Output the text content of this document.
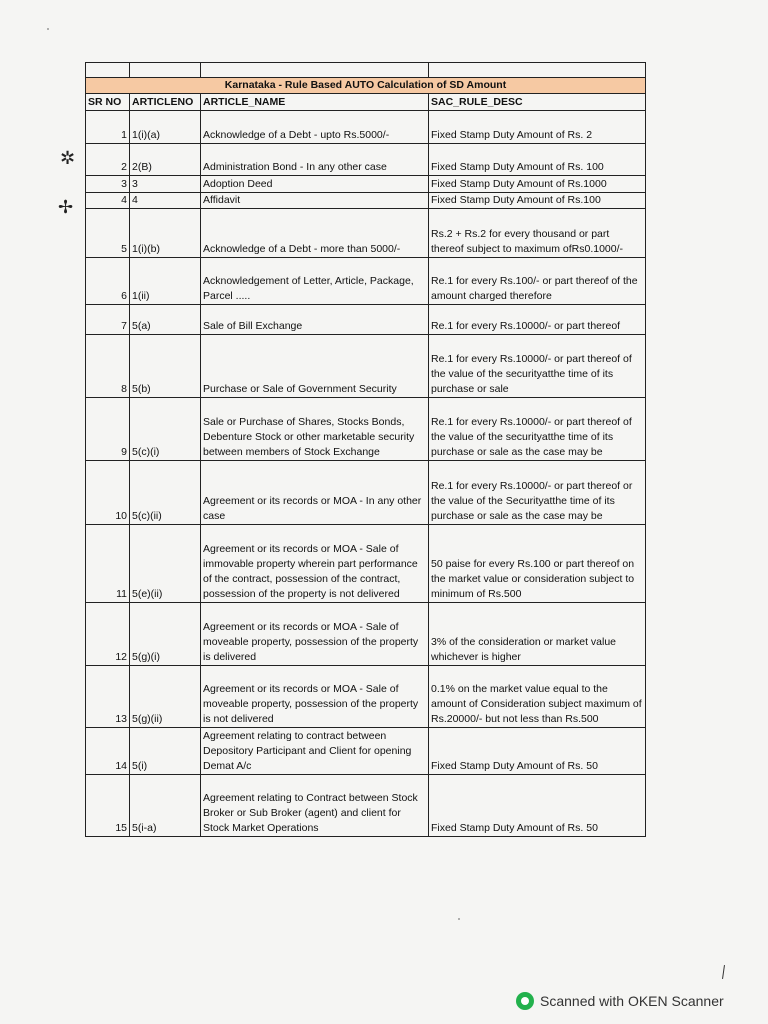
✲
✢

Karnataka - Rule Based AUTO Calculation of SD Amount			
SR NO	ARTICLENO	ARTICLE_NAME	SAC_RULE_DESC
1	1(i)(a)	Acknowledge of a Debt - upto Rs.5000/-	Fixed Stamp Duty Amount of Rs. 2
2	2(B)	Administration Bond - In any other case	Fixed Stamp Duty Amount of Rs. 100
3	3	Adoption Deed	Fixed Stamp Duty Amount of Rs.1000
4	4	Affidavit	Fixed Stamp Duty Amount of Rs.100
5	1(i)(b)	Acknowledge of a Debt - more than 5000/-	Rs.2 + Rs.2 for every thousand or part thereof subject to maximum ofRs0.1000/-
6	1(ii)	Acknowledgement of Letter, Article, Package, Parcel .....	Re.1 for every Rs.100/- or part thereof of the amount charged therefore
7	5(a)	Sale of Bill Exchange	Re.1 for every Rs.10000/- or part thereof
8	5(b)	Purchase or Sale of Government Security	Re.1 for every Rs.10000/- or part thereof of the value of the securityatthe time of its purchase or sale
9	5(c)(i)	Sale or Purchase of Shares, Stocks Bonds, Debenture Stock or other marketable security between members of Stock Exchange	Re.1 for every Rs.10000/- or part thereof of the value of the securityatthe time of its purchase or sale as the case may be
10	5(c)(ii)	Agreement or its records or MOA - In any other case	Re.1 for every Rs.10000/- or part thereof or the value of the Securityatthe time of its purchase or sale as the case may be
11	5(e)(ii)	Agreement or its records or MOA - Sale of immovable property wherein part performance of the contract, possession of the contract, possession of the property is not delivered	50 paise for every Rs.100 or part thereof on the market value or consideration subject to minimum of Rs.500
12	5(g)(i)	Agreement or its records or MOA - Sale of moveable property, possession of the property is delivered	3% of the consideration or market value whichever is higher
13	5(g)(ii)	Agreement or its records or MOA - Sale of moveable property, possession of the property is not delivered	0.1% on the market value equal to the amount of Consideration subject maximum of Rs.20000/- but not less than Rs.500
14	5(i)	Agreement relating to contract between Depository Participant and Client for opening Demat A/c	Fixed Stamp Duty Amount of Rs. 50
15	5(i-a)	Agreement relating to Contract between Stock Broker or Sub Broker (agent) and client for Stock Market Operations	Fixed Stamp Duty Amount of Rs. 50
Scanned with OKEN Scanner
